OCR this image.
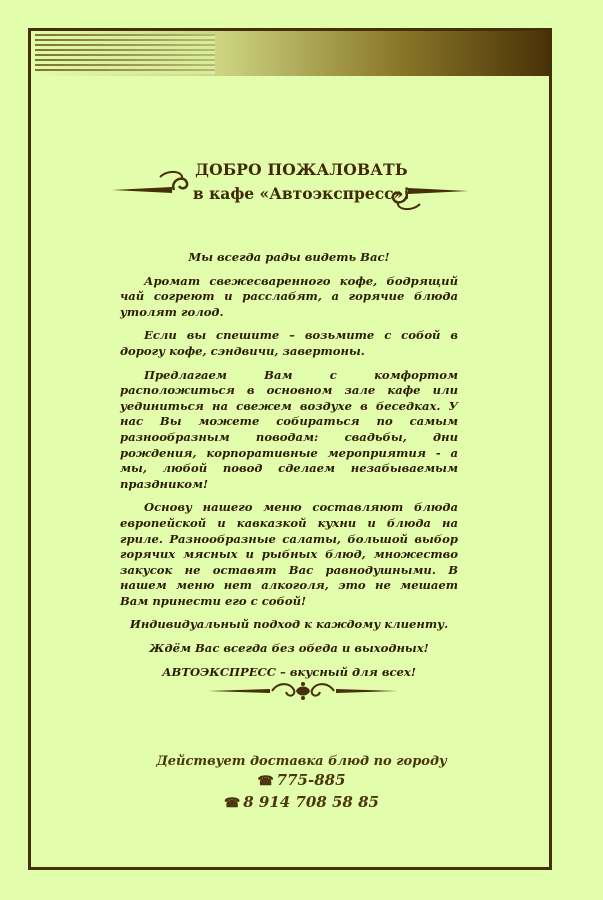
ДОБРО ПОЖАЛОВАТЬ
в кафе «Автоэкспресс»!

Мы всегда рады видеть Вас!

Аромат свежесваренного кофе, бодрящий чай согреют и расслабят, а горячие блюда утолят голод.

Если вы спешите – возьмите с собой в дорогу кофе, сэндвичи, завертоны.

Предлагаем Вам с комфортом расположиться в основном зале кафе или уединиться на свежем воздухе в беседках. У нас Вы можете собираться по самым разнообразным поводам: свадьбы, дни рождения, корпоративные мероприятия - а мы, любой повод сделаем незабываемым праздником!

Основу нашего меню составляют блюда европейской и кавказкой кухни и блюда на гриле. Разнообразные салаты, большой выбор горячих мясных и рыбных блюд, множество закусок не оставят Вас равнодушными. В нашем меню нет алкоголя, это не мешает Вам принести его с собой!

Индивидуальный подход к каждому клиенту.

Ждём Вас всегда без обеда и выходных!

АВТОЭКСПРЕСС – вкусный для всех!

Действует доставка блюд по городу
☎ 775-885
☎ 8 914 708 58 85
